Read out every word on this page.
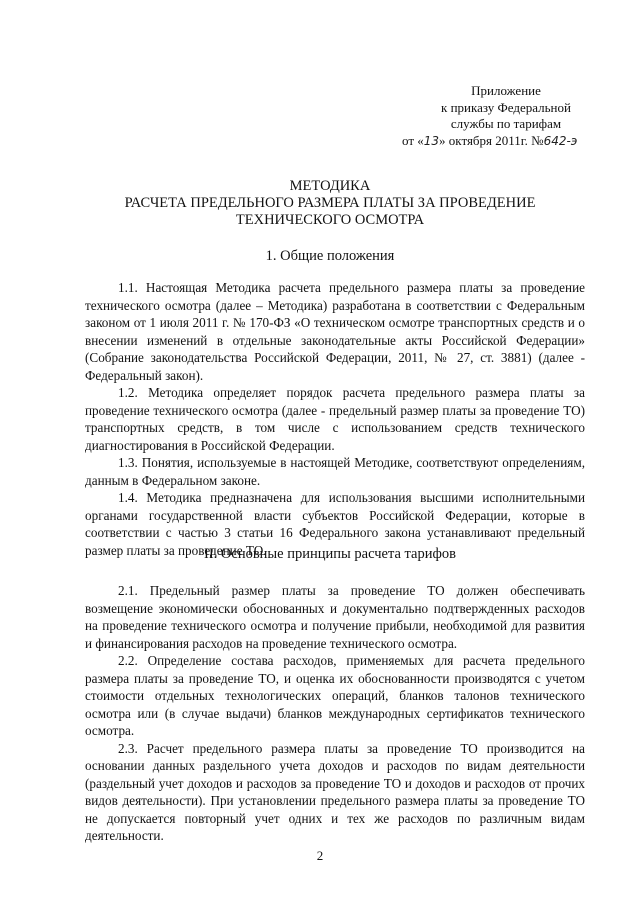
Приложение
к приказу Федеральной
службы по тарифам
от «13» октября 2011г. №642-э
МЕТОДИКА
РАСЧЕТА ПРЕДЕЛЬНОГО РАЗМЕРА ПЛАТЫ ЗА ПРОВЕДЕНИЕ
ТЕХНИЧЕСКОГО ОСМОТРА
1. Общие положения

1.1. Настоящая Методика расчета предельного размера платы за проведение технического осмотра (далее – Методика) разработана в соответствии с Федеральным законом от 1 июля 2011 г. № 170-ФЗ «О техническом осмотре транспортных средств и о внесении изменений в отдельные законодательные акты Российской Федерации» (Собрание законодательства Российской Федерации, 2011, № 27, ст. 3881) (далее - Федеральный закон).

1.2. Методика определяет порядок расчета предельного размера платы за проведение технического осмотра (далее - предельный размер платы за проведение ТО) транспортных средств, в том числе с использованием средств технического диагностирования в Российской Федерации.

1.3. Понятия, используемые в настоящей Методике, соответствуют определениям, данным в Федеральном законе.

1.4. Методика предназначена для использования высшими исполнительными органами государственной власти субъектов Российской Федерации, которые в соответствии с частью 3 статьи 16 Федерального закона устанавливают предельный размер платы за проведение ТО.

II. Основные принципы расчета тарифов

2.1. Предельный размер платы за проведение ТО должен обеспечивать возмещение экономически обоснованных и документально подтвержденных расходов на проведение технического осмотра и получение прибыли, необходимой для развития и финансирования расходов на проведение технического осмотра.

2.2. Определение состава расходов, применяемых для расчета предельного размера платы за проведение ТО, и оценка их обоснованности производятся с учетом стоимости отдельных технологических операций, бланков талонов технического осмотра или (в случае выдачи) бланков международных сертификатов технического осмотра.

2.3. Расчет предельного размера платы за проведение ТО производится на основании данных раздельного учета доходов и расходов по видам деятельности (раздельный учет доходов и расходов за проведение ТО и доходов и расходов от прочих видов деятельности). При установлении предельного размера платы за проведение ТО не допускается повторный учет одних и тех же расходов по различным видам деятельности.

2
